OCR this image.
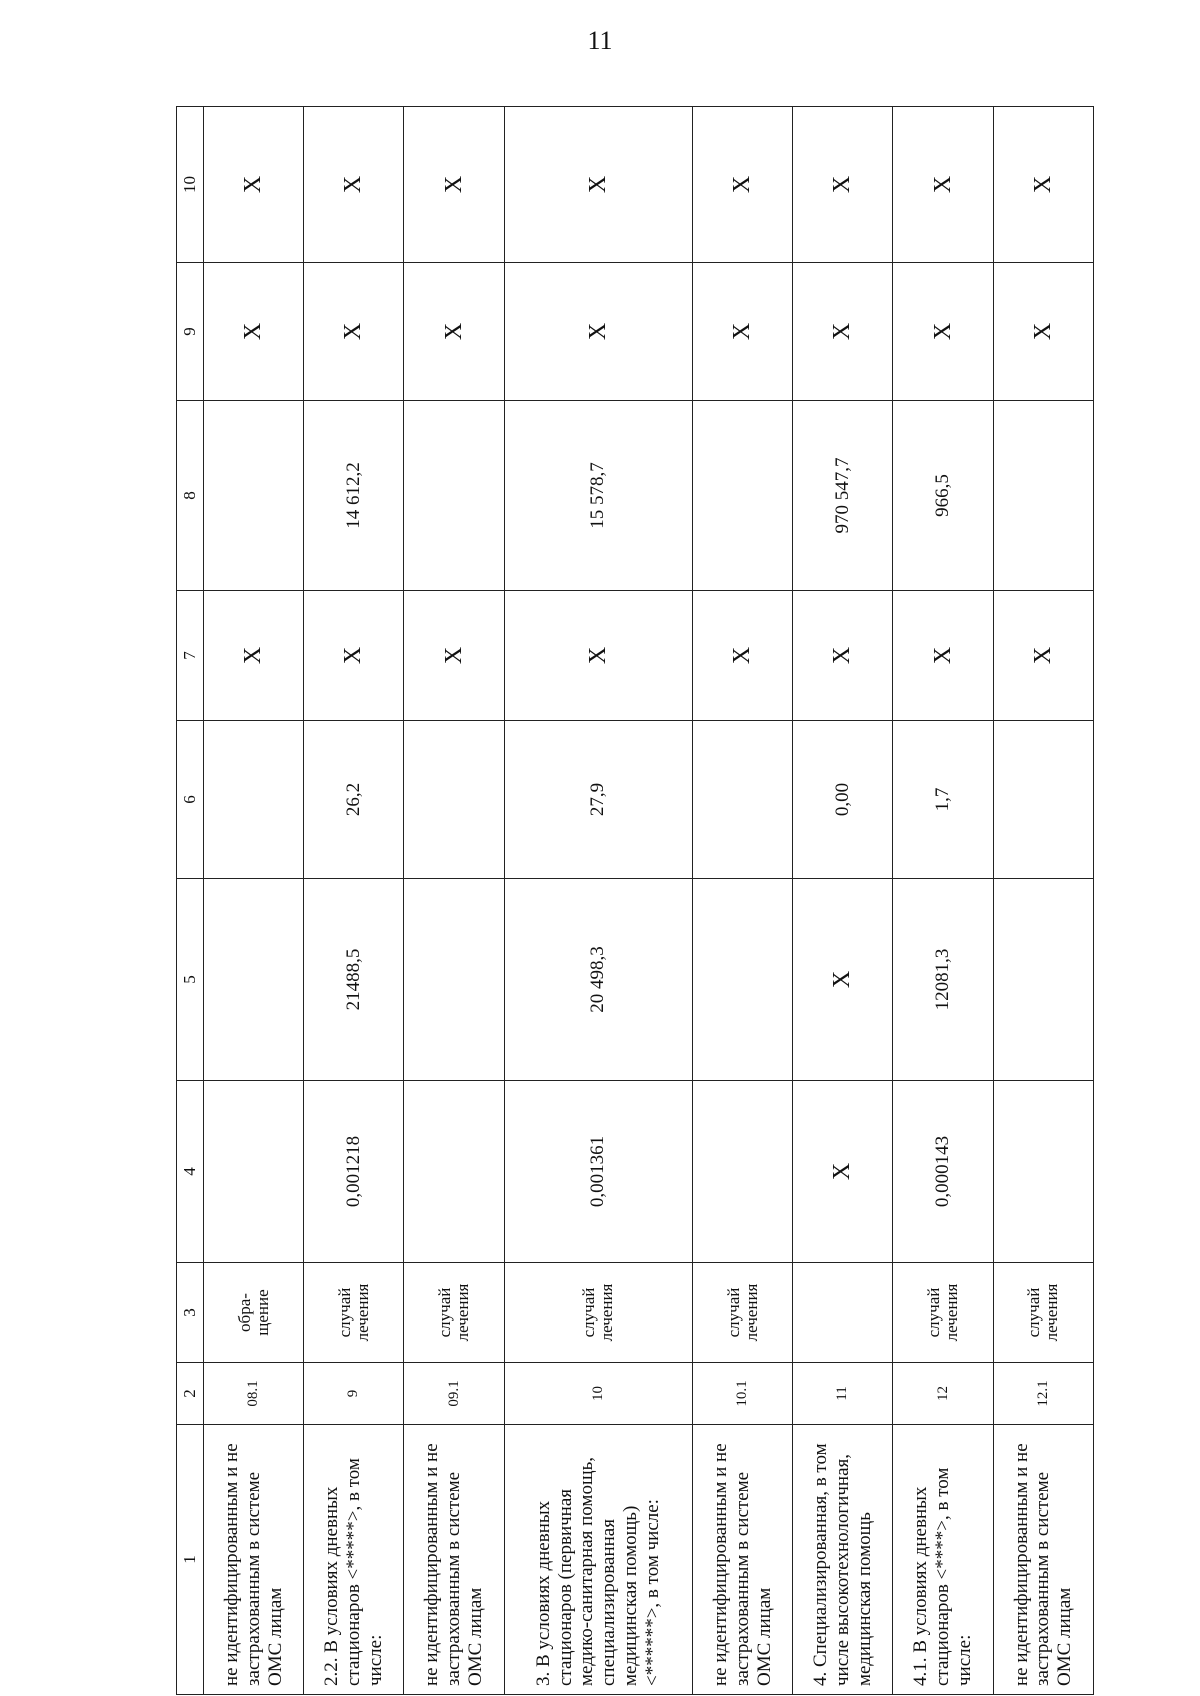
11
1	2	3	4	5	6	7	8	9	10
не идентифицированным и не застрахованным в системе ОМС лицам	08.1	обра-щение				X		X	X
2.2. В условиях дневных стационаров <*****>, в том числе:	9	случай лечения	0,001218	21488,5	26,2	X	14 612,2	X	X
не идентифицированным и не застрахованным в системе ОМС лицам	09.1	случай лечения				X		X	X
3. В условиях дневных стационаров (первичная медико-санитарная помощь, специализированная медицинская помощь) <******>, в том числе:	10	случай лечения	0,001361	20 498,3	27,9	X	15 578,7	X	X
не идентифицированным и не застрахованным в системе ОМС лицам	10.1	случай лечения				X		X	X
4. Специализированная, в том числе высокотехнологичная, медицинская помощь	11		X	X	0,00	X	970 547,7	X	X
4.1. В условиях дневных стационаров <****>, в том числе:	12	случай лечения	0,000143	12081,3	1,7	X	966,5	X	X
не идентифицированным и не застрахованным в системе ОМС лицам	12.1	случай лечения				X		X	X
